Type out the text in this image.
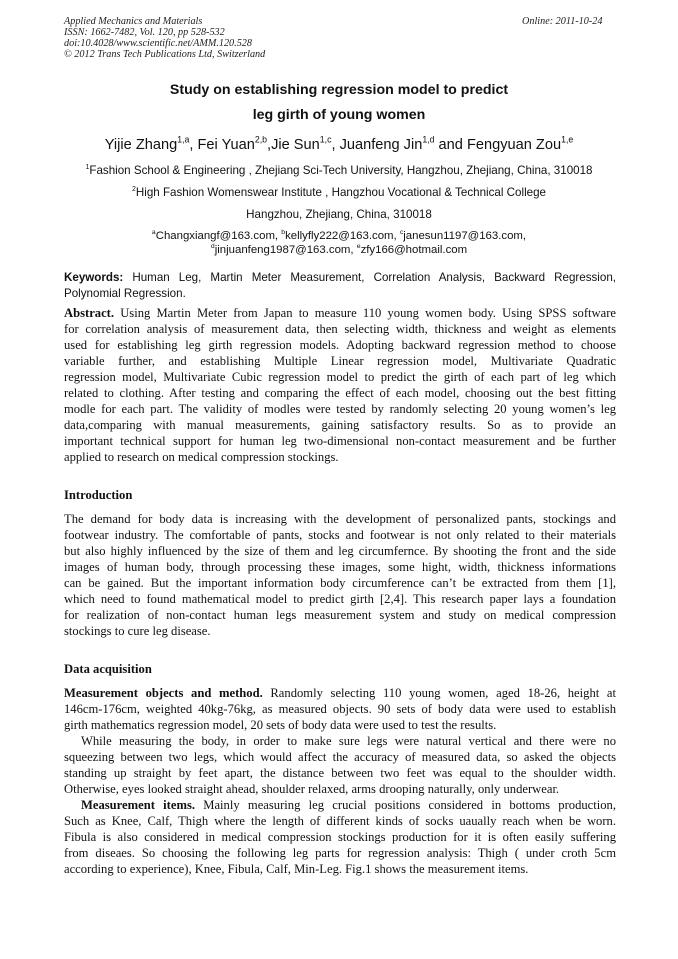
Applied Mechanics and Materials
ISSN: 1662-7482, Vol. 120, pp 528-532
doi:10.4028/www.scientific.net/AMM.120.528
© 2012 Trans Tech Publications Ltd, Switzerland
Online: 2011-10-24
Study on establishing regression model to predict
leg girth of young women
Yijie Zhang$^{1,a}$, Fei Yuan$^{2,b}$,Jie Sun$^{1,c}$, Juanfeng Jin$^{1,d}$ and Fengyuan Zou$^{1,e}$
$^1$Fashion School & Engineering , Zhejiang Sci-Tech University, Hangzhou, Zhejiang, China, 310018
$^2$High Fashion Womenswear Institute , Hangzhou Vocational & Technical College
Hangzhou, Zhejiang, China, 310018
$^a$Changxiangf@163.com, $^b$kellyfly222@163.com, $^c$janesun1197@163.com,
$^d$jinjuanfeng1987@163.com, $^e$zfy166@hotmail.com
Keywords: Human Leg, Martin Meter Measurement, Correlation Analysis, Backward Regression, Polynomial Regression.
Abstract. Using Martin Meter from Japan to measure 110 young women body. Using SPSS software
for correlation analysis of measurement data, then selecting width, thickness and weight as elements
used for establishing leg girth regression models. Adopting backward regression method to choose
variable further, and establishing Multiple Linear regression model, Multivariate Quadratic
regression model, Multivariate Cubic regression model to predict the girth of each part of leg which
related to clothing. After testing and comparing the effect of each model, choosing out the best fitting
modle for each part. The validity of modles were tested by randomly selecting 20 young women’s leg
data,comparing with manual measurements, gaining satisfactory results. So as to provide an
important technical support for human leg two-dimensional non-contact measurement and be further
applied to research on medical compression stockings.
Introduction
The demand for body data is increasing with the development of personalized pants, stockings and
footwear industry. The comfortable of pants, stocks and footwear is not only related to their materials
but also highly influenced by the size of them and leg circumfernce. By shooting the front and the side
images of human body, through processing these images, some hight, width, thickness informations
can be gained. But the important information body circumference can’t be extracted from them [1],
which need to found mathematical model to predict girth [2,4]. This research paper lays a foundation
for realization of non-contact human legs measurement system and study on medical compression
stockings to cure leg disease.
Data acquisition
Measurement objects and method. Randomly selecting 110 young women, aged 18-26, height at
146cm-176cm, weighted 40kg-76kg, as measured objects. 90 sets of body data were used to establish
girth mathematics regression model, 20 sets of body data were used to test the results.
While measuring the body, in order to make sure legs were natural vertical and there were no
squeezing between two legs, which would affect the accuracy of measured data, so asked the objects
standing up straight by feet apart, the distance between two feet was equal to the shoulder width.
Otherwise, eyes looked straight ahead, shoulder relaxed, arms drooping naturally, only underwear.
Measurement items. Mainly measuring leg crucial positions considered in bottoms production,
Such as Knee, Calf, Thigh where the length of different kinds of socks uaually reach when be worn.
Fibula is also considered in medical compression stockings production for it is often easily suffering
from diseaes. So choosing the following leg parts for regression analysis: Thigh ( under croth 5cm
according to experience), Knee, Fibula, Calf, Min-Leg. Fig.1 shows the measurement items.
